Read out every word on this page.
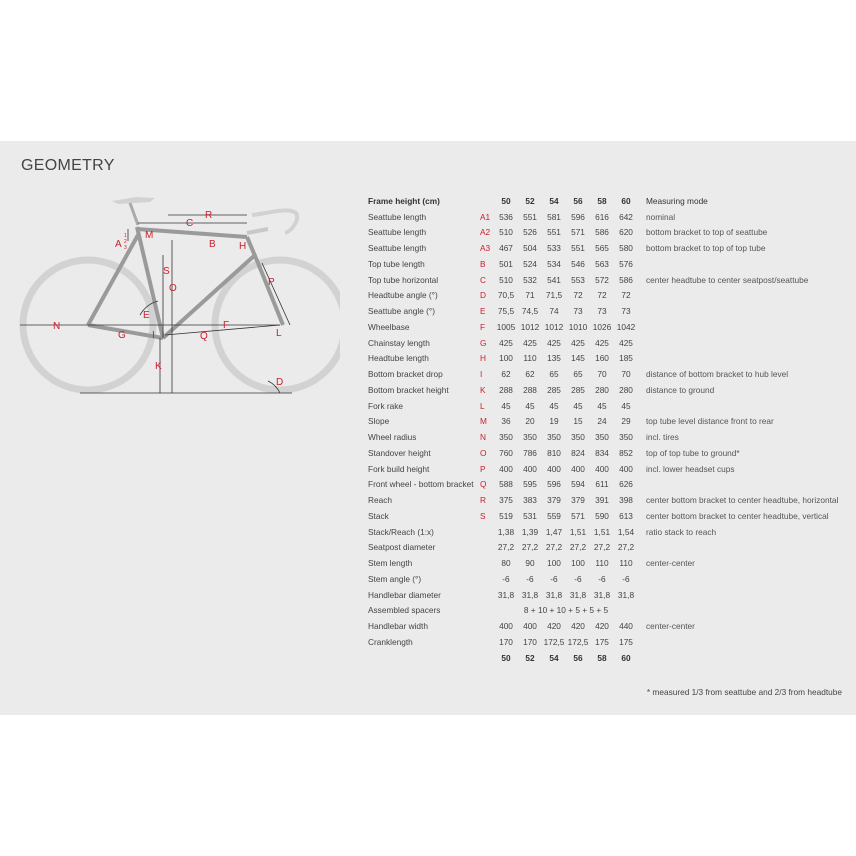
GEOMETRY
R
C
M
A
1
2
3	B H
S
O
P
E
N
G	I	Q
F
L
K
D
Frame height (cm)		50	52	54	56	58	60	Measuring mode
Seattube length	A1	536	551	581	596	616	642	nominal
Seattube length	A2	510	526	551	571	586	620	bottom bracket to top of seattube
Seattube length	A3	467	504	533	551	565	580	bottom bracket to top of top tube
Top tube length	B	501	524	534	546	563	576	
Top tube horizontal	C	510	532	541	553	572	586	center headtube to center seatpost/seattube
Headtube angle (°)	D	70,5	71	71,5	72	72	72	
Seattube angle (°)	E	75,5	74,5	74	73	73	73	
Wheelbase	F	1005	1012	1012	1010	1026	1042	
Chainstay length	G	425	425	425	425	425	425	
Headtube length	H	100	110	135	145	160	185	
Bottom bracket drop	I	62	62	65	65	70	70	distance of bottom bracket to hub level
Bottom bracket height	K	288	288	285	285	280	280	distance to ground
Fork rake	L	45	45	45	45	45	45	
Slope	M	36	20	19	15	24	29	top tube level distance front to rear
Wheel radius	N	350	350	350	350	350	350	incl. tires
Standover height	O	760	786	810	824	834	852	top of top tube to ground*
Fork build height	P	400	400	400	400	400	400	incl. lower headset cups
Front wheel - bottom bracket	Q	588	595	596	594	611	626	
Reach	R	375	383	379	379	391	398	center bottom bracket to center headtube, horizontal
Stack	S	519	531	559	571	590	613	center bottom bracket to center headtube, vertical
Stack/Reach (1:x)		1,38	1,39	1,47	1,51	1,51	1,54	ratio stack to reach
Seatpost diameter		27,2	27,2	27,2	27,2	27,2	27,2	
Stem length		80	90	100	100	110	110	center-center
Stem angle (°)		-6	-6	-6	-6	-6	-6	
Handlebar diameter		31,8	31,8	31,8	31,8	31,8	31,8	
Assembled spacers		8 + 10 + 10 + 5 + 5 + 5						
Handlebar width		400	400	420	420	420	440	center-center
Cranklength		170	170	172,5	172,5	175	175	
		50	52	54	56	58	60	
* measured 1/3 from seattube and 2/3 from headtube
